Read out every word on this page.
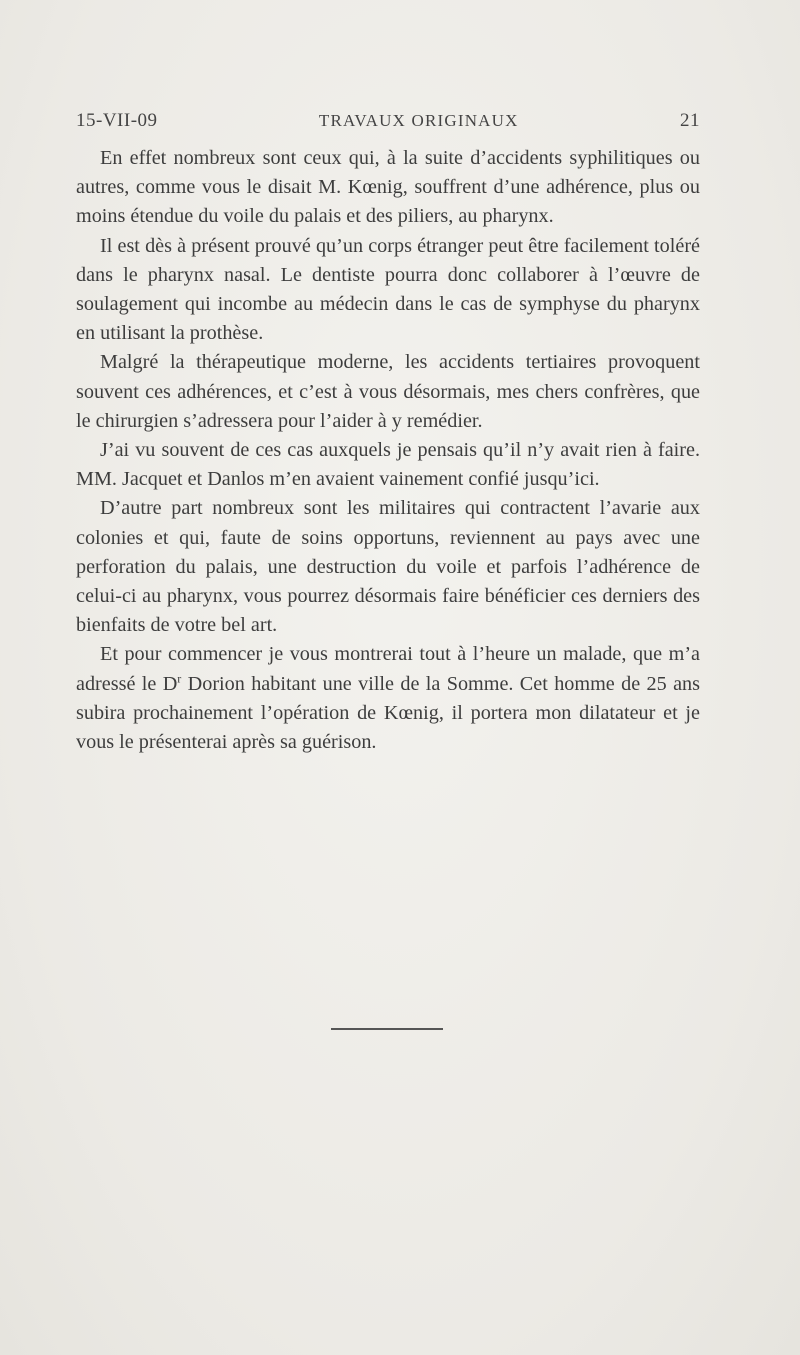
15-VII-09	TRAVAUX ORIGINAUX	21

En effet nombreux sont ceux qui, à la suite d’accidents syphilitiques ou autres, comme vous le disait M. Kœnig, souffrent d’une adhérence, plus ou moins étendue du voile du palais et des piliers, au pharynx.

Il est dès à présent prouvé qu’un corps étranger peut être facilement toléré dans le pharynx nasal. Le dentiste pourra donc collaborer à l’œuvre de soulagement qui incombe au médecin dans le cas de symphyse du pharynx en utilisant la prothèse.

Malgré la thérapeutique moderne, les accidents tertiaires provoquent souvent ces adhérences, et c’est à vous désormais, mes chers confrères, que le chirurgien s’adressera pour l’aider à y remédier.

J’ai vu souvent de ces cas auxquels je pensais qu’il n’y avait rien à faire. MM. Jacquet et Danlos m’en avaient vainement confié jusqu’ici.

D’autre part nombreux sont les militaires qui contractent l’avarie aux colonies et qui, faute de soins opportuns, reviennent au pays avec une perforation du palais, une destruction du voile et parfois l’adhérence de celui-ci au pharynx, vous pourrez désormais faire bénéficier ces derniers des bienfaits de votre bel art.

Et pour commencer je vous montrerai tout à l’heure un malade, que m’a adressé le $D^r$ Dorion habitant une ville de la Somme. Cet homme de 25 ans subira prochainement l’opération de Kœnig, il portera mon dilatateur et je vous le présenterai après sa guérison.
